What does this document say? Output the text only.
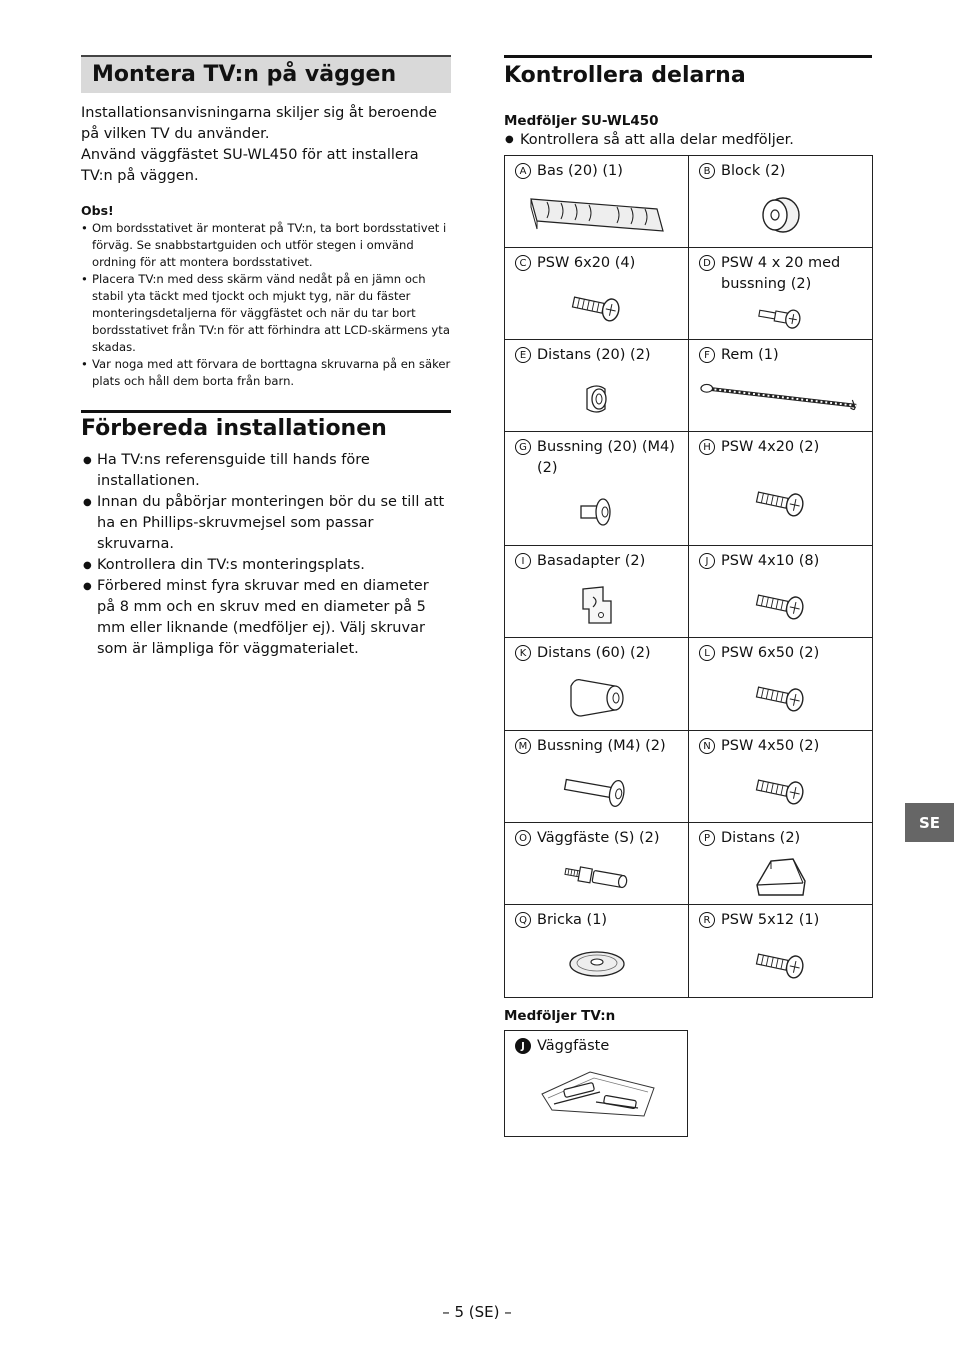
Montera TV:n på väggen

Installationsanvisningarna skiljer sig åt beroende på vilken TV du använder.

Använd väggfästet SU-WL450 för att installera TV:n på väggen.

Obs!
• Om bordsstativet är monterat på TV:n, ta bort bordsstativet i förväg. Se snabbstartguiden och utför stegen i omvänd ordning för att montera bordsstativet.
• Placera TV:n med dess skärm vänd nedåt på en jämn och stabil yta täckt med tjockt och mjukt tyg, när du fäster monteringsdetaljerna för väggfästet och när du tar bort bordsstativet från TV:n för att förhindra att LCD-skärmens yta skadas.
• Var noga med att förvara de borttagna skruvarna på en säker plats och håll dem borta från barn.
Förbereda installationen
● Ha TV:ns referensguide till hands före installationen.
● Innan du påbörjar monteringen bör du se till att ha en Phillips-skruvmejsel som passar skruvarna.
● Kontrollera din TV:s monteringsplats.
● Förbered minst fyra skruvar med en diameter på 8 mm och en skruv med en diameter på 5 mm eller liknande (medföljer ej). Välj skruvar som är lämpliga för väggmaterialet.
Kontrollera delarna
Medföljer SU-WL450
● Kontrollera så att alla delar medföljer.
A Bas (20) (1)	B Block (2)

C PSW 6x20 (4)	D PSW 4 x 20 med bussning (2)

E Distans (20) (2)	F Rem (1)

G Bussning (20) (M4) (2)	H PSW 4x20 (2)

I Basadapter (2)	J PSW 4x10 (8)

K Distans (60) (2)	L PSW 6x50 (2)

M Bussning (M4) (2)	N PSW 4x50 (2)

O Väggfäste (S) (2)	P Distans (2)

Q Bricka (1)	R PSW 5x12 (1)
Medföljer TV:n
J Väggfäste
SE
– 5 (SE) –
